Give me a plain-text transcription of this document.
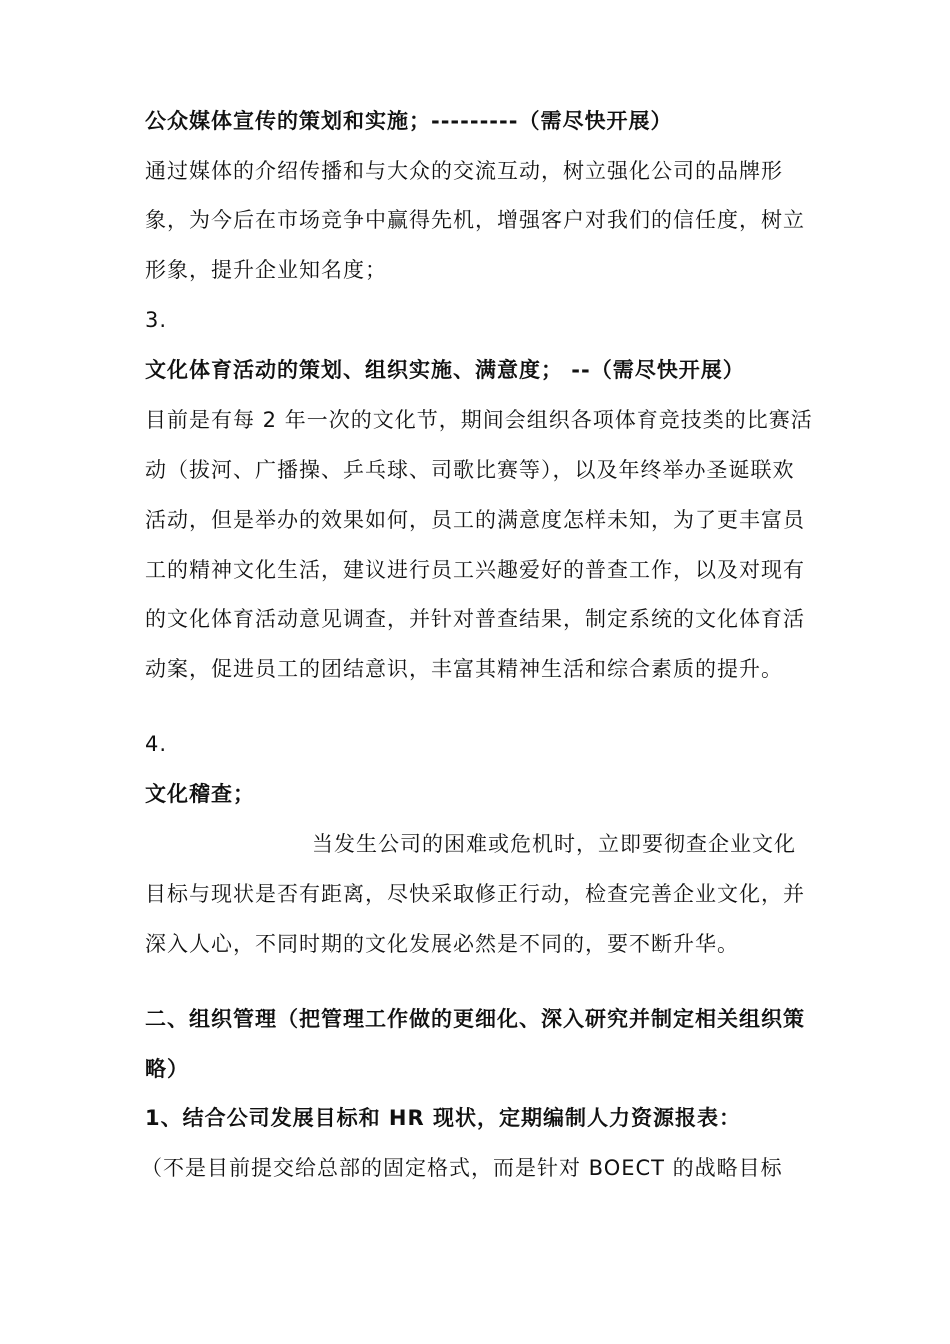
公众媒体宣传的策划和实施；---------（需尽快开展）
通过媒体的介绍传播和与大众的交流互动，树立强化公司的品牌形
象，为今后在市场竞争中赢得先机，增强客户对我们的信任度，树立
形象，提升企业知名度；
3.
文化体育活动的策划、组织实施、满意度； --（需尽快开展）
目前是有每 2 年一次的文化节，期间会组织各项体育竞技类的比赛活
动（拔河、广播操、乒乓球、司歌比赛等），以及年终举办圣诞联欢
活动，但是举办的效果如何，员工的满意度怎样未知，为了更丰富员
工的精神文化生活，建议进行员工兴趣爱好的普查工作，以及对现有
的文化体育活动意见调查，并针对普查结果，制定系统的文化体育活
动案，促进员工的团结意识，丰富其精神生活和综合素质的提升。
4.
文化稽查；
当发生公司的困难或危机时，立即要彻查企业文化
目标与现状是否有距离，尽快采取修正行动，检查完善企业文化，并
深入人心，不同时期的文化发展必然是不同的，要不断升华。
二、组织管理（把管理工作做的更细化、深入研究并制定相关组织策
略）
1、结合公司发展目标和 HR 现状，定期编制人力资源报表：
（不是目前提交给总部的固定格式，而是针对 BOECT 的战略目标
